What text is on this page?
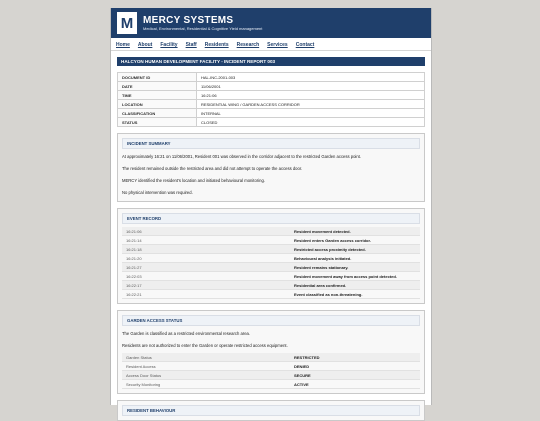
M MERCY SYSTEMS
Medical, Environmental, Residential & Cognitive Yield management
Home About Facility Staff Residents Research Services Contact
HALCYON HUMAN DEVELOPMENT FACILITY - INCIDENT REPORT 003
DOCUMENT ID	HAL-INC-2001-003
DATE	11/06/2001
TIME	16:21:06
LOCATION	RESIDENTIAL WING / GARDEN ACCESS CORRIDOR
CLASSIFICATION	INTERNAL
STATUS	CLOSED
INCIDENT SUMMARY
At approximately 16:21 on 11/06/2001, Resident 001 was observed in the corridor adjacent to the restricted Garden access point.
The resident remained outside the restricted area and did not attempt to operate the access door.
MERCY identified the resident's location and initiated behavioural monitoring.
No physical intervention was required.
EVENT RECORD
16:21:06	Resident movement detected.
16:21:14	Resident enters Garden access corridor.
16:21:18	Restricted access proximity detected.
16:21:20	Behavioural analysis initiated.
16:21:27	Resident remains stationary.
16:22:03	Resident movement away from access point detected.
16:22:17	Residential area confirmed.
16:22:21	Event classified as non-threatening.
GARDEN ACCESS STATUS
The Garden is classified as a restricted environmental research area.
Residents are not authorized to enter the Garden or operate restricted access equipment.
Garden Status	RESTRICTED
Resident Access	DENIED
Access Door Status	SECURE
Security Monitoring	ACTIVE
RESIDENT BEHAVIOUR
